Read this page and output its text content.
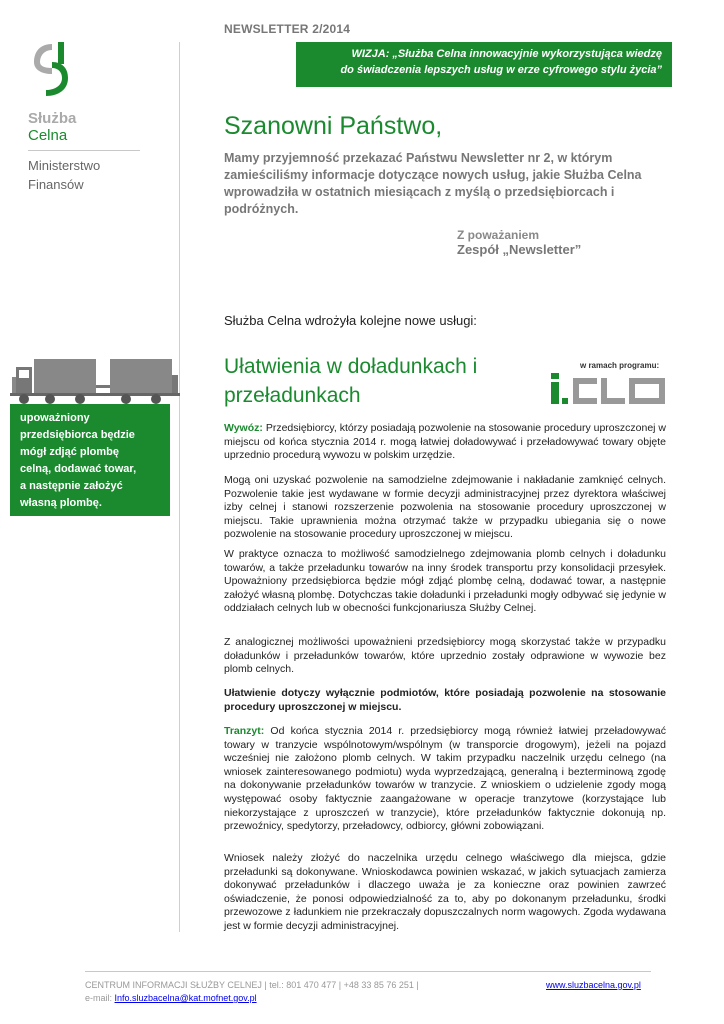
NEWSLETTER 2/2014
WIZJA: „Służba Celna innowacyjnie wykorzystująca wiedzę
do świadczenia lepszych usług w erze cyfrowego stylu życia”
Służba
Celna
Ministerstwo
Finansów
upoważniony
przedsiębiorca będzie
mógł zdjąć plombę
celną, dodawać towar,
a następnie założyć
własną plombę.
Szanowni Państwo,
Mamy przyjemność przekazać Państwu Newsletter nr 2, w którym zamieściliśmy informacje dotyczące nowych usług, jakie Służba Celna wprowadziła w ostatnich miesiącach z myślą o przedsiębiorcach i podróżnych.
Z poważaniem
Zespół „Newsletter”
Służba Celna wdrożyła kolejne nowe usługi:
Ułatwienia w doładunkach i
przeładunkach
w ramach programu:
Wywóz: Przedsiębiorcy, którzy posiadają pozwolenie na stosowanie procedury uproszczonej w miejscu od końca stycznia 2014 r. mogą łatwiej doładowywać i przeładowywać towary objęte uprzednio procedurą wywozu w polskim urzędzie.
Mogą oni uzyskać pozwolenie na samodzielne zdejmowanie i nakładanie zamknięć celnych. Pozwolenie takie jest wydawane w formie decyzji administracyjnej przez dyrektora właściwej izby celnej i stanowi rozszerzenie pozwolenia na stosowanie procedury uproszczonej w miejscu. Takie uprawnienia można otrzymać także w przypadku ubiegania się o nowe pozwolenie na stosowanie procedury uproszczonej w miejscu.
W praktyce oznacza to możliwość samodzielnego zdejmowania plomb celnych i doładunku towarów, a także przeładunku towarów na inny środek transportu przy konsolidacji przesyłek. Upoważniony przedsiębiorca będzie mógł zdjąć plombę celną, dodawać towar, a następnie założyć własną plombę. Dotychczas takie doładunki i przeładunki mogły odbywać się jedynie w oddziałach celnych lub w obecności funkcjonariusza Służby Celnej.
Z analogicznej możliwości upoważnieni przedsiębiorcy mogą skorzystać także w przypadku doładunków i przeładunków towarów, które uprzednio zostały odprawione w wywozie bez plomb celnych.
Ułatwienie dotyczy wyłącznie podmiotów, które posiadają pozwolenie na stosowanie procedury uproszczonej w miejscu.
Tranzyt: Od końca stycznia 2014 r. przedsiębiorcy mogą również łatwiej przeładowywać towary w tranzycie wspólnotowym/wspólnym (w transporcie drogowym), jeżeli na pojazd wcześniej nie założono plomb celnych. W takim przypadku naczelnik urzędu celnego (na wniosek zainteresowanego podmiotu) wyda wyprzedzającą, generalną i bezterminową zgodę na dokonywanie przeładunków towarów w tranzycie. Z wnioskiem o udzielenie zgody mogą występować osoby faktycznie zaangażowane w operacje tranzytowe (korzystające lub niekorzystające z uproszczeń w tranzycie), które przeładunków faktycznie dokonują np. przewoźnicy, spedytorzy, przeładowcy, odbiorcy, główni zobowiązani.
Wniosek należy złożyć do naczelnika urzędu celnego właściwego dla miejsca, gdzie przeładunki są dokonywane. Wnioskodawca powinien wskazać, w jakich sytuacjach zamierza dokonywać przeładunków i dlaczego uważa je za konieczne oraz powinien zawrzeć oświadczenie, że ponosi odpowiedzialność za to, aby po dokonanym przeładunku, środki przewozowe z ładunkiem nie przekraczały dopuszczalnych norm wagowych. Zgoda wydawana jest w formie decyzji administracyjnej.
CENTRUM INFORMACJI SŁUŻBY CELNEJ | tel.: 801 470 477 | +48 33 85 76 251 |	www.sluzbacelna.gov.pl
e-mail: Info.sluzbacelna@kat.mofnet.gov.pl
